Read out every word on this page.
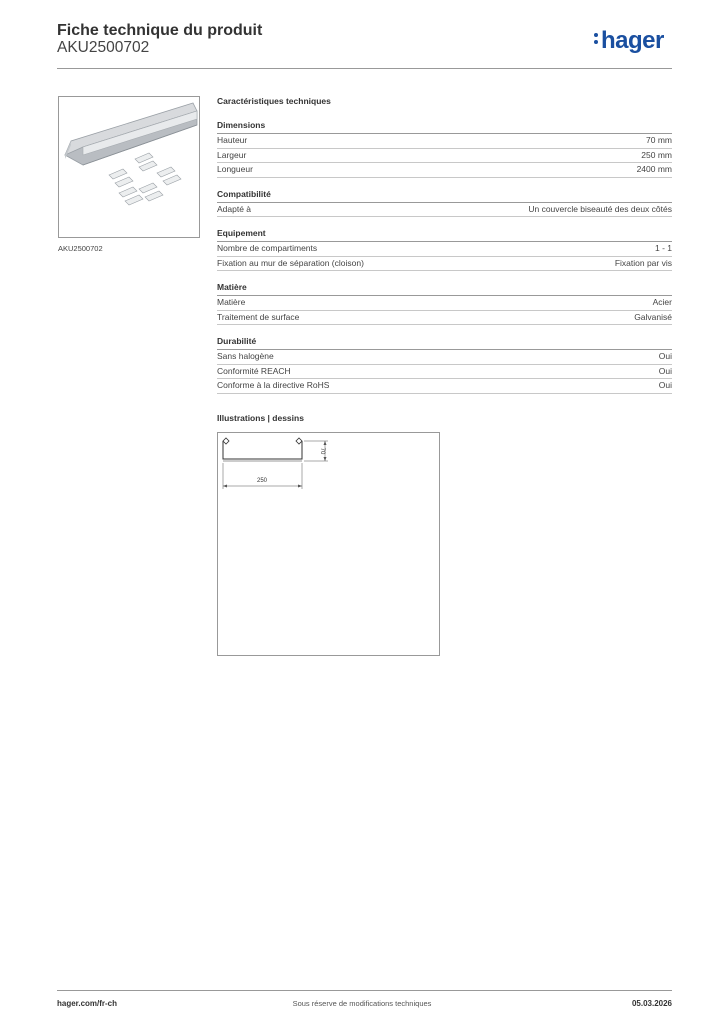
Fiche technique du produit
AKU2500702	hager
AKU2500702
Caractéristiques techniques
Dimensions
Hauteur	70 mm
Largeur	250 mm
Longueur	2400 mm
Compatibilité
Adapté à	Un couvercle biseauté des deux côtés
Equipement
Nombre de compartiments	1 - 1
Fixation au mur de séparation (cloison)	Fixation par vis
Matière
Matière	Acier
Traitement de surface	Galvanisé
Durabilité
Sans halogène	Oui
Conformité REACH	Oui
Conforme à la directive RoHS	Oui
Illustrations | dessins
70
250
hager.com/fr-ch	Sous réserve de modifications techniques	05.03.2026
